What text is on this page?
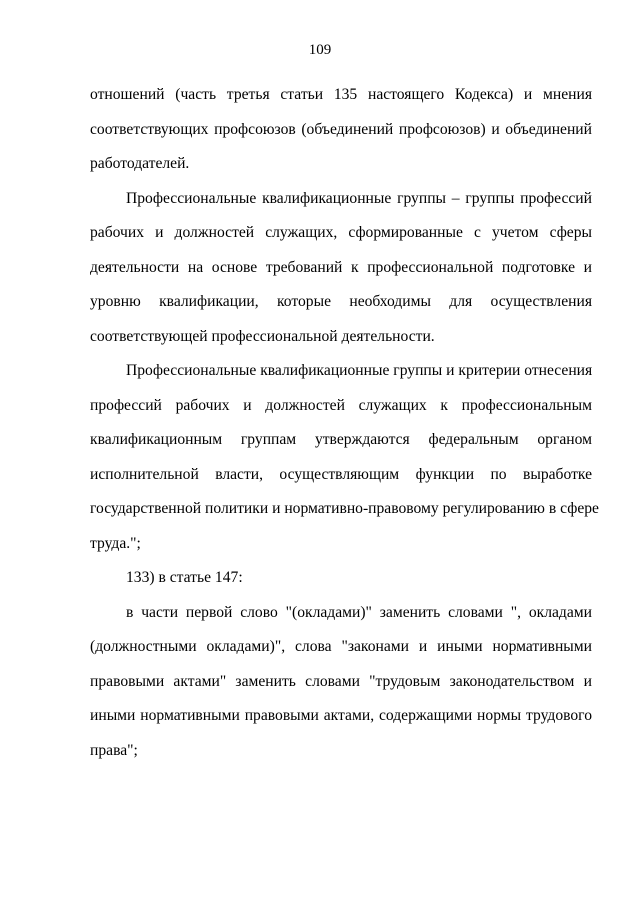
109
отношений (часть третья статьи 135 настоящего Кодекса) и мнения
соответствующих профсоюзов (объединений профсоюзов) и объединений
работодателей.
Профессиональные квалификационные группы – группы профессий
рабочих и должностей служащих, сформированные с учетом сферы
деятельности на основе требований к профессиональной подготовке и
уровню квалификации, которые необходимы для осуществления
соответствующей профессиональной деятельности.
Профессиональные квалификационные группы и критерии отнесения
профессий рабочих и должностей служащих к профессиональным
квалификационным группам утверждаются федеральным органом
исполнительной власти, осуществляющим функции по выработке
государственной политики и нормативно-правовому регулированию в сфере
труда.";
133) в статье 147:
в части первой слово "(окладами)" заменить словами ", окладами
(должностными окладами)", слова "законами и иными нормативными
правовыми актами" заменить словами "трудовым законодательством и
иными нормативными правовыми актами, содержащими нормы трудового
права";
